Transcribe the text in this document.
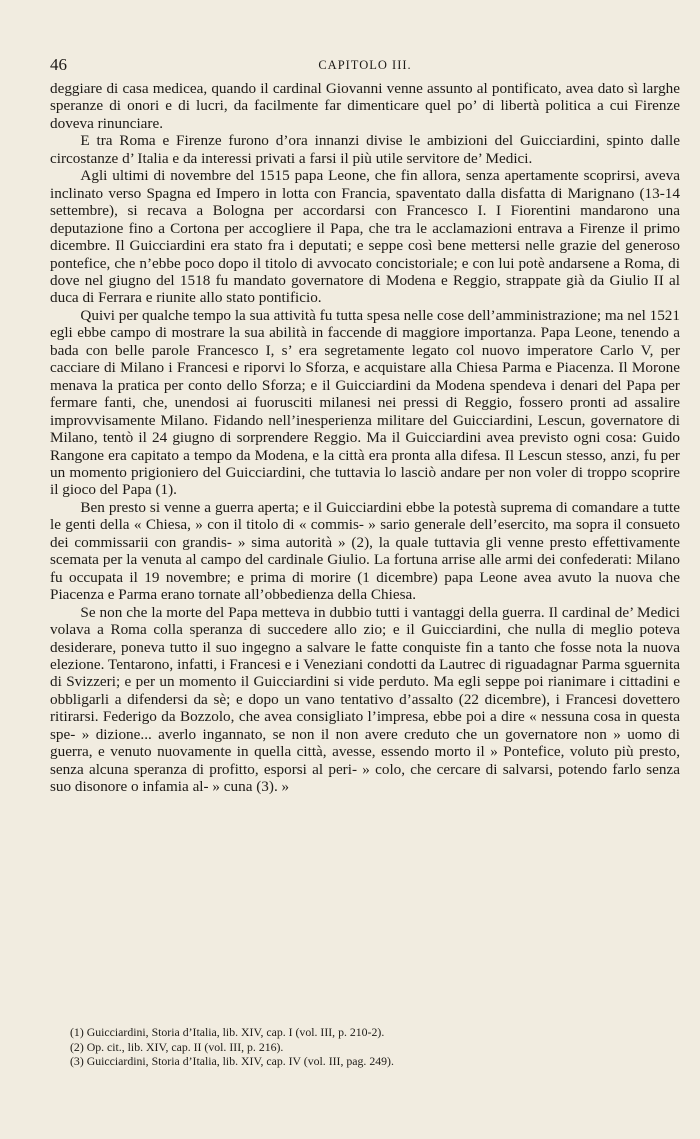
46	CAPITOLO III.

deggiare di casa medicea, quando il cardinal Giovanni venne assunto al pontificato, avea dato sì larghe speranze di onori e di lucri, da facilmente far dimenticare quel po’ di libertà politica a cui Firenze doveva rinunciare.

E tra Roma e Firenze furono d’ora innanzi divise le ambizioni del Guicciardini, spinto dalle circostanze d’ Italia e da interessi privati a farsi il più utile servitore de’ Medici.

Agli ultimi di novembre del 1515 papa Leone, che fin allora, senza apertamente scoprirsi, aveva inclinato verso Spagna ed Impero in lotta con Francia, spaventato dalla disfatta di Marignano (13-14 settembre), si recava a Bologna per accordarsi con Francesco I. I Fiorentini mandarono una deputazione fino a Cortona per accogliere il Papa, che tra le acclamazioni entrava a Firenze il primo dicembre. Il Guicciardini era stato fra i deputati; e seppe così bene mettersi nelle grazie del generoso pontefice, che n’ebbe poco dopo il titolo di avvocato concistoriale; e con lui potè andarsene a Roma, di dove nel giugno del 1518 fu mandato governatore di Modena e Reggio, strappate già da Giulio II al duca di Ferrara e riunite allo stato pontificio.

Quivi per qualche tempo la sua attività fu tutta spesa nelle cose dell’amministrazione; ma nel 1521 egli ebbe campo di mostrare la sua abilità in faccende di maggiore importanza. Papa Leone, tenendo a bada con belle parole Francesco I, s’ era segretamente legato col nuovo imperatore Carlo V, per cacciare di Milano i Francesi e riporvi lo Sforza, e acquistare alla Chiesa Parma e Piacenza. Il Morone menava la pratica per conto dello Sforza; e il Guicciardini da Modena spendeva i denari del Papa per fermare fanti, che, unendosi ai fuorusciti milanesi nei pressi di Reggio, fossero pronti ad assalire improvvisamente Milano. Fidando nell’inesperienza militare del Guicciardini, Lescun, governatore di Milano, tentò il 24 giugno di sorprendere Reggio. Ma il Guicciardini avea previsto ogni cosa: Guido Rangone era capitato a tempo da Modena, e la città era pronta alla difesa. Il Lescun stesso, anzi, fu per un momento prigioniero del Guicciardini, che tuttavia lo lasciò andare per non voler di troppo scoprire il gioco del Papa (1).

Ben presto si venne a guerra aperta; e il Guicciardini ebbe la potestà suprema di comandare a tutte le genti della « Chiesa, » con il titolo di « commis- » sario generale dell’esercito, ma sopra il consueto dei commissarii con grandis- » sima autorità » (2), la quale tuttavia gli venne presto effettivamente scemata per la venuta al campo del cardinale Giulio. La fortuna arrise alle armi dei confederati: Milano fu occupata il 19 novembre; e prima di morire (1 dicembre) papa Leone avea avuto la nuova che Piacenza e Parma erano tornate all’obbedienza della Chiesa.

Se non che la morte del Papa metteva in dubbio tutti i vantaggi della guerra. Il cardinal de’ Medici volava a Roma colla speranza di succedere allo zio; e il Guicciardini, che nulla di meglio poteva desiderare, poneva tutto il suo ingegno a salvare le fatte conquiste fin a tanto che fosse nota la nuova elezione. Tentarono, infatti, i Francesi e i Veneziani condotti da Lautrec di riguadagnar Parma sguernita di Svizzeri; e per un momento il Guicciardini si vide perduto. Ma egli seppe poi rianimare i cittadini e obbligarli a difendersi da sè; e dopo un vano tentativo d’assalto (22 dicembre), i Francesi dovettero ritirarsi. Federigo da Bozzolo, che avea consigliato l’impresa, ebbe poi a dire « nessuna cosa in questa spe- » dizione... averlo ingannato, se non il non avere creduto che un governatore non » uomo di guerra, e venuto nuovamente in quella città, avesse, essendo morto il » Pontefice, voluto più presto, senza alcuna speranza di profitto, esporsi al peri- » colo, che cercare di salvarsi, potendo farlo senza suo disonore o infamia al- » cuna (3). »

(1) Guicciardini, Storia d’Italia, lib. XIV, cap. I (vol. III, p. 210-2).
(2) Op. cit., lib. XIV, cap. II (vol. III, p. 216).
(3) Guicciardini, Storia d’Italia, lib. XIV, cap. IV (vol. III, pag. 249).
